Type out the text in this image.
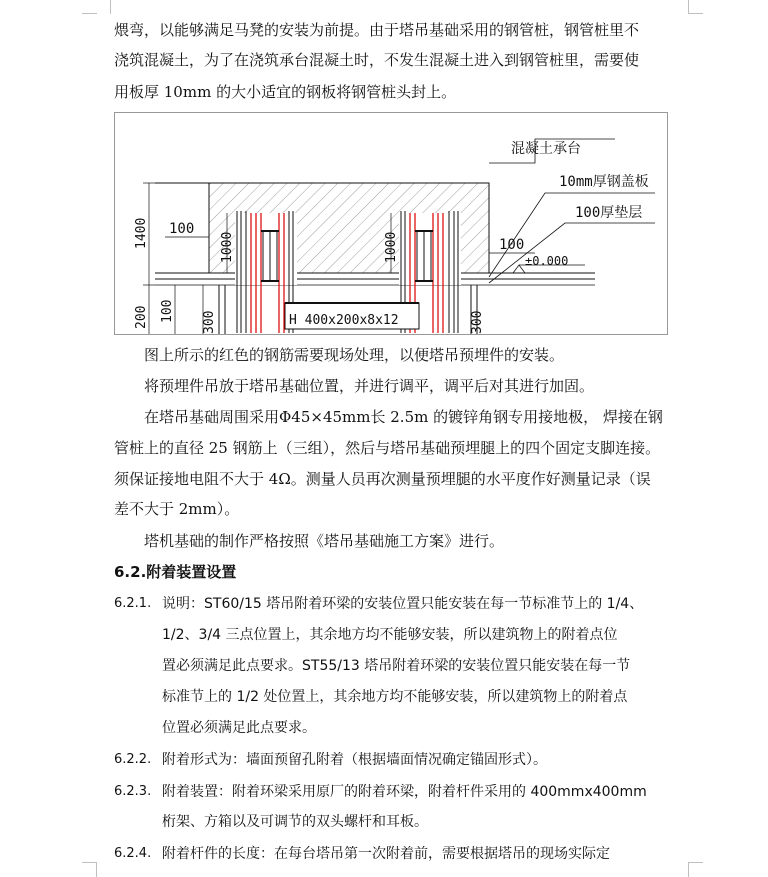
煨弯，以能够满足马凳的安装为前提。由于塔吊基础采用的钢管桩，钢管桩里不
浇筑混凝土，为了在浇筑承台混凝土时，不发生混凝土进入到钢管桩里，需要使
用板厚 10mm 的大小适宜的钢板将钢管桩头封上。
H 400x200x8x12
混凝土承台
10mm厚钢盖板
100厚垫层
1400
200 100 300	300
100
1000	1000	100
±0.000
图上所示的红色的钢筋需要现场处理，以便塔吊预埋件的安装。
将预埋件吊放于塔吊基础位置，并进行调平，调平后对其进行加固。
在塔吊基础周围采用Φ45×45mm长 2.5m 的镀锌角钢专用接地极， 焊接在钢
管桩上的直径 25 钢筋上（三组），然后与塔吊基础预埋腿上的四个固定支脚连接。
须保证接地电阻不大于 4Ω。测量人员再次测量预埋腿的水平度作好测量记录（误
差不大于 2mm）。
塔机基础的制作严格按照《塔吊基础施工方案》进行。
6.2.附着装置设置
6.2.1. 说明：ST60/15 塔吊附着环梁的安装位置只能安装在每一节标准节上的 1/4、
1/2、3/4 三点位置上，其余地方均不能够安装，所以建筑物上的附着点位
置必须满足此点要求。ST55/13 塔吊附着环梁的安装位置只能安装在每一节
标准节上的 1/2 处位置上，其余地方均不能够安装，所以建筑物上的附着点
位置必须满足此点要求。
6.2.2. 附着形式为：墙面预留孔附着（根据墙面情况确定锚固形式）。
6.2.3. 附着装置：附着环梁采用原厂的附着环梁，附着杆件采用的 400mmx400mm
桁架、方箱以及可调节的双头螺杆和耳板。
6.2.4. 附着杆件的长度：在每台塔吊第一次附着前，需要根据塔吊的现场实际定
